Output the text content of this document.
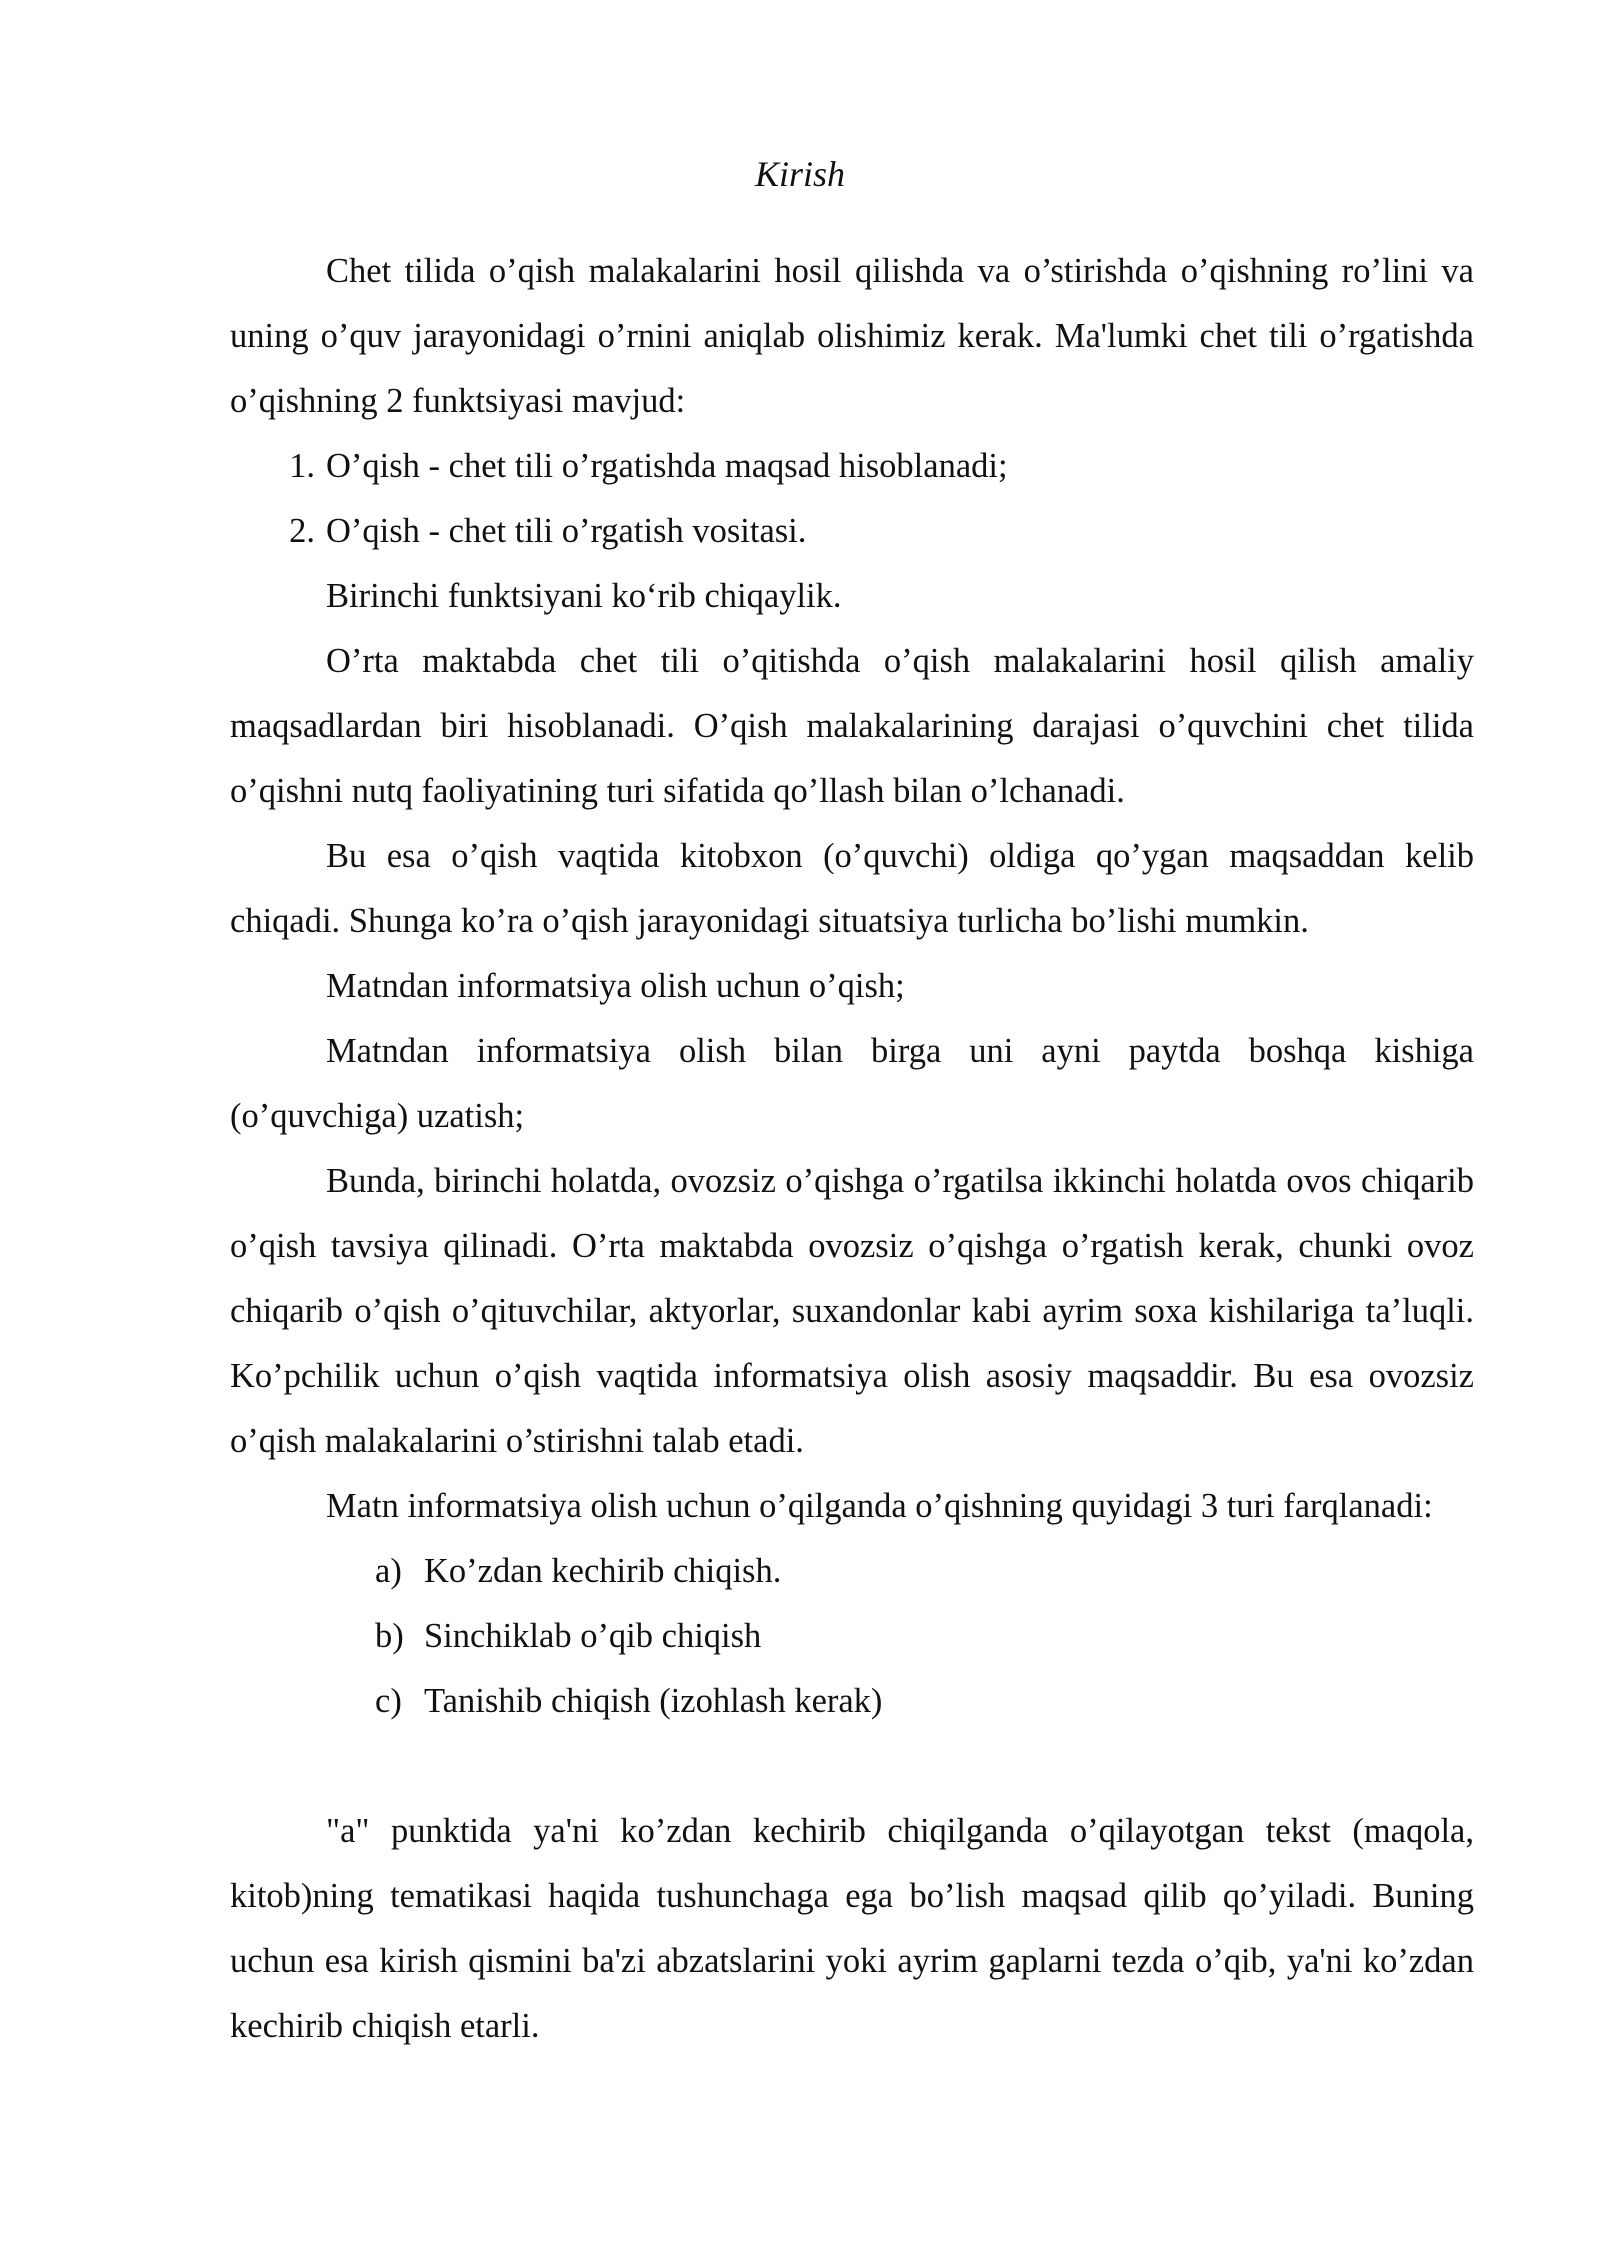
Kirish

Chet tilida o’qish malakalarini hosil qilishda va o’stirishda o’qishning ro’lini va uning o’quv jarayonidagi o’rnini aniqlab olishimiz kerak. Ma'lumki chet tili o’rgatishda o’qishning 2 funktsiyasi mavjud:

1. O’qish - chet tili o’rgatishda maqsad hisoblanadi;

2. O’qish - chet tili o’rgatish vositasi.

Birinchi funktsiyani ko‘rib chiqaylik.

O’rta maktabda chet tili o’qitishda o’qish malakalarini hosil qilish amaliy maqsadlardan biri hisoblanadi. O’qish malakalarining darajasi o’quvchini chet tilida o’qishni nutq faoliyatining turi sifatida qo’llash bilan o’lchanadi.

Bu esa o’qish vaqtida kitobxon (o’quvchi) oldiga qo’ygan maqsaddan kelib chiqadi. Shunga ko’ra o’qish jarayonidagi situatsiya turlicha bo’lishi mumkin.

Matndan informatsiya olish uchun o’qish;

Matndan informatsiya olish bilan birga uni ayni paytda boshqa kishiga (o’quvchiga) uzatish;

Bunda, birinchi holatda, ovozsiz o’qishga o’rgatilsa ikkinchi holatda ovos chiqarib o’qish tavsiya qilinadi. O’rta maktabda ovozsiz o’qishga o’rgatish kerak, chunki ovoz chiqarib o’qish o’qituvchilar, aktyorlar, suxandonlar kabi ayrim soxa kishilariga ta’luqli. Ko’pchilik uchun o’qish vaqtida informatsiya olish asosiy maqsaddir. Bu esa ovozsiz o’qish malakalarini o’stirishni talab etadi.

Matn informatsiya olish uchun o’qilganda o’qishning quyidagi 3 turi farqlanadi:

a) Ko’zdan kechirib chiqish.

b) Sinchiklab o’qib chiqish

c) Tanishib chiqish (izohlash kerak)

"a" punktida ya'ni ko’zdan kechirib chiqilganda o’qilayotgan tekst (maqola, kitob)ning tematikasi haqida tushunchaga ega bo’lish maqsad qilib qo’yiladi. Buning uchun esa kirish qismini ba'zi abzatslarini yoki ayrim gaplarni tezda o’qib, ya'ni ko’zdan kechirib chiqish etarli.
